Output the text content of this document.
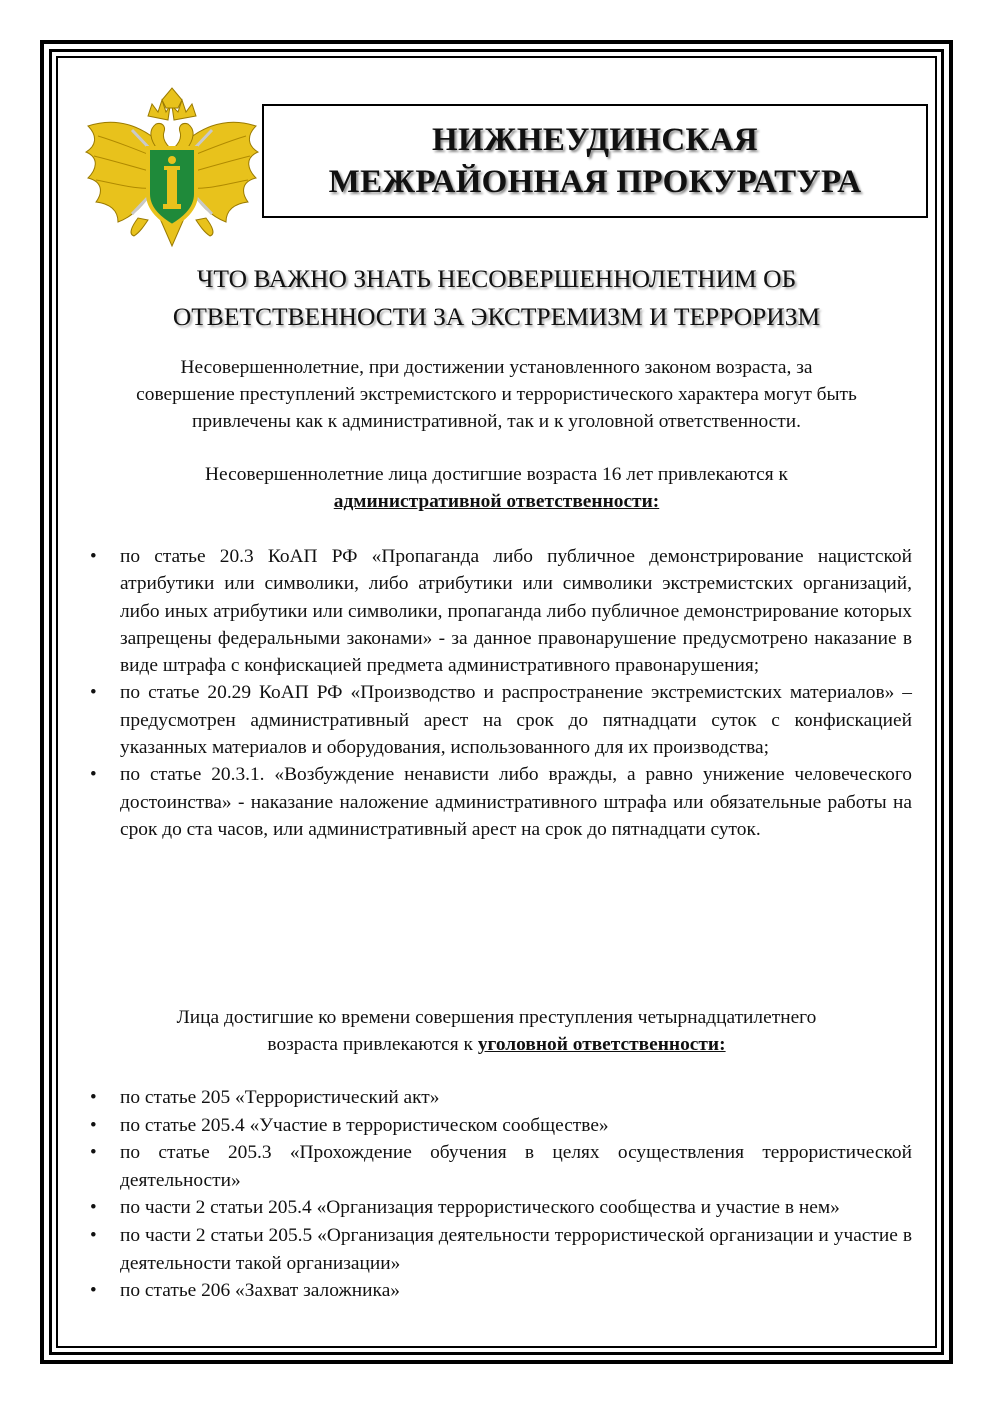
НИЖНЕУДИНСКАЯ
МЕЖРАЙОННАЯ ПРОКУРАТУРА
ЧТО ВАЖНО ЗНАТЬ НЕСОВЕРШЕННОЛЕТНИМ ОБ
ОТВЕТСТВЕННОСТИ ЗА ЭКСТРЕМИЗМ И ТЕРРОРИЗМ
Несовершеннолетние, при достижении установленного законом возраста, за
совершение преступлений экстремистского и террористического характера могут быть
привлечены как к административной, так и к уголовной ответственности.
Несовершеннолетние лица достигшие возраста 16 лет привлекаются к
административной ответственности:
• по статье 20.3 КоАП РФ «Пропаганда либо публичное демонстрирование нацистской атрибутики или символики, либо атрибутики или символики экстремистских организаций, либо иных атрибутики или символики, пропаганда либо публичное демонстрирование которых запрещены федеральными законами» - за данное правонарушение предусмотрено наказание в виде штрафа с конфискацией предмета административного правонарушения;
• по статье 20.29 КоАП РФ «Производство и распространение экстремистских материалов» – предусмотрен административный арест на срок до пятнадцати суток с конфискацией указанных материалов и оборудования, использованного для их производства;
• по статье 20.3.1. «Возбуждение ненависти либо вражды, а равно унижение человеческого достоинства» - наказание наложение административного штрафа или обязательные работы на срок до ста часов, или административный арест на срок до пятнадцати суток.
Лица достигшие ко времени совершения преступления четырнадцатилетнего
возраста привлекаются к уголовной ответственности:
• по статье 205 «Террористический акт»
• по статье 205.4 «Участие в террористическом сообществе»
• по статье 205.3 «Прохождение обучения в целях осуществления террористической деятельности»
• по части 2 статьи 205.4 «Организация террористического сообщества и участие в нем»
• по части 2 статьи 205.5 «Организация деятельности террористической организации и участие в деятельности такой организации»
• по статье 206 «Захват заложника»
